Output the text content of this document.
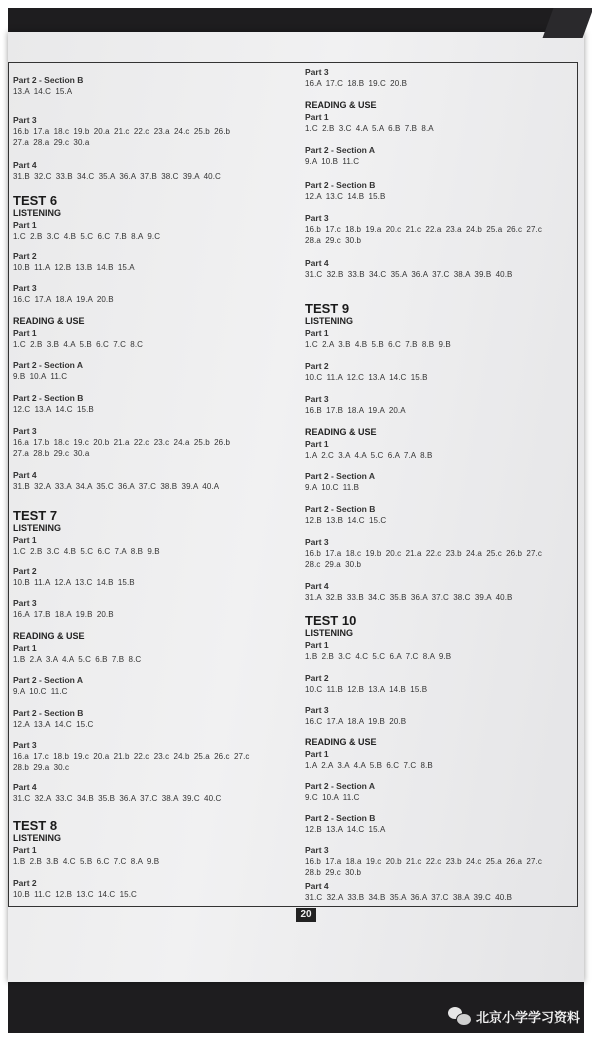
Part 2 - Section B
13.A 14.C 15.A
Part 3
16.b 17.a 18.c 19.b 20.a 21.c 22.c 23.a 24.c 25.b 26.b
27.a 28.a 29.c 30.a
Part 4
31.B 32.C 33.B 34.C 35.A 36.A 37.B 38.C 39.A 40.C
TEST 6
LISTENING
Part 1
1.C 2.B 3.C 4.B 5.C 6.C 7.B 8.A 9.C
Part 2
10.B 11.A 12.B 13.B 14.B 15.A
Part 3
16.C 17.A 18.A 19.A 20.B
READING & USE
Part 1
1.C 2.B 3.B 4.A 5.B 6.C 7.C 8.C
Part 2 - Section A
9.B 10.A 11.C
Part 2 - Section B
12.C 13.A 14.C 15.B
Part 3
16.a 17.b 18.c 19.c 20.b 21.a 22.c 23.c 24.a 25.b 26.b
27.a 28.b 29.c 30.a
Part 4
31.B 32.A 33.A 34.A 35.C 36.A 37.C 38.B 39.A 40.A
TEST 7
LISTENING
Part 1
1.C 2.B 3.C 4.B 5.C 6.C 7.A 8.B 9.B
Part 2
10.B 11.A 12.A 13.C 14.B 15.B
Part 3
16.A 17.B 18.A 19.B 20.B
READING & USE
Part 1
1.B 2.A 3.A 4.A 5.C 6.B 7.B 8.C
Part 2 - Section A
9.A 10.C 11.C
Part 2 - Section B
12.A 13.A 14.C 15.C
Part 3
16.a 17.c 18.b 19.c 20.a 21.b 22.c 23.c 24.b 25.a 26.c 27.c
28.b 29.a 30.c
Part 4
31.C 32.A 33.C 34.B 35.B 36.A 37.C 38.A 39.C 40.C
TEST 8
LISTENING
Part 1
1.B 2.B 3.B 4.C 5.B 6.C 7.C 8.A 9.B
Part 2
10.B 11.C 12.B 13.C 14.C 15.C
Part 3
16.A 17.C 18.B 19.C 20.B
READING & USE
Part 1
1.C 2.B 3.C 4.A 5.A 6.B 7.B 8.A
Part 2 - Section A
9.A 10.B 11.C
Part 2 - Section B
12.A 13.C 14.B 15.B
Part 3
16.b 17.c 18.b 19.a 20.c 21.c 22.a 23.a 24.b 25.a 26.c 27.c
28.a 29.c 30.b
Part 4
31.C 32.B 33.B 34.C 35.A 36.A 37.C 38.A 39.B 40.B
TEST 9
LISTENING
Part 1
1.C 2.A 3.B 4.B 5.B 6.C 7.B 8.B 9.B
Part 2
10.C 11.A 12.C 13.A 14.C 15.B
Part 3
16.B 17.B 18.A 19.A 20.A
READING & USE
Part 1
1.A 2.C 3.A 4.A 5.C 6.A 7.A 8.B
Part 2 - Section A
9.A 10.C 11.B
Part 2 - Section B
12.B 13.B 14.C 15.C
Part 3
16.b 17.a 18.c 19.b 20.c 21.a 22.c 23.b 24.a 25.c 26.b 27.c
28.c 29.a 30.b
Part 4
31.A 32.B 33.B 34.C 35.B 36.A 37.C 38.C 39.A 40.B
TEST 10
LISTENING
Part 1
1.B 2.B 3.C 4.C 5.C 6.A 7.C 8.A 9.B
Part 2
10.C 11.B 12.B 13.A 14.B 15.B
Part 3
16.C 17.A 18.A 19.B 20.B
READING & USE
Part 1
1.A 2.A 3.A 4.A 5.B 6.C 7.C 8.B
Part 2 - Section A
9.C 10.A 11.C
Part 2 - Section B
12.B 13.A 14.C 15.A
Part 3
16.b 17.a 18.a 19.c 20.b 21.c 22.c 23.b 24.c 25.a 26.a 27.c
28.b 29.c 30.b
Part 4
31.C 32.A 33.B 34.B 35.A 36.A 37.C 38.A 39.C 40.B
20
北京小学学习资料
